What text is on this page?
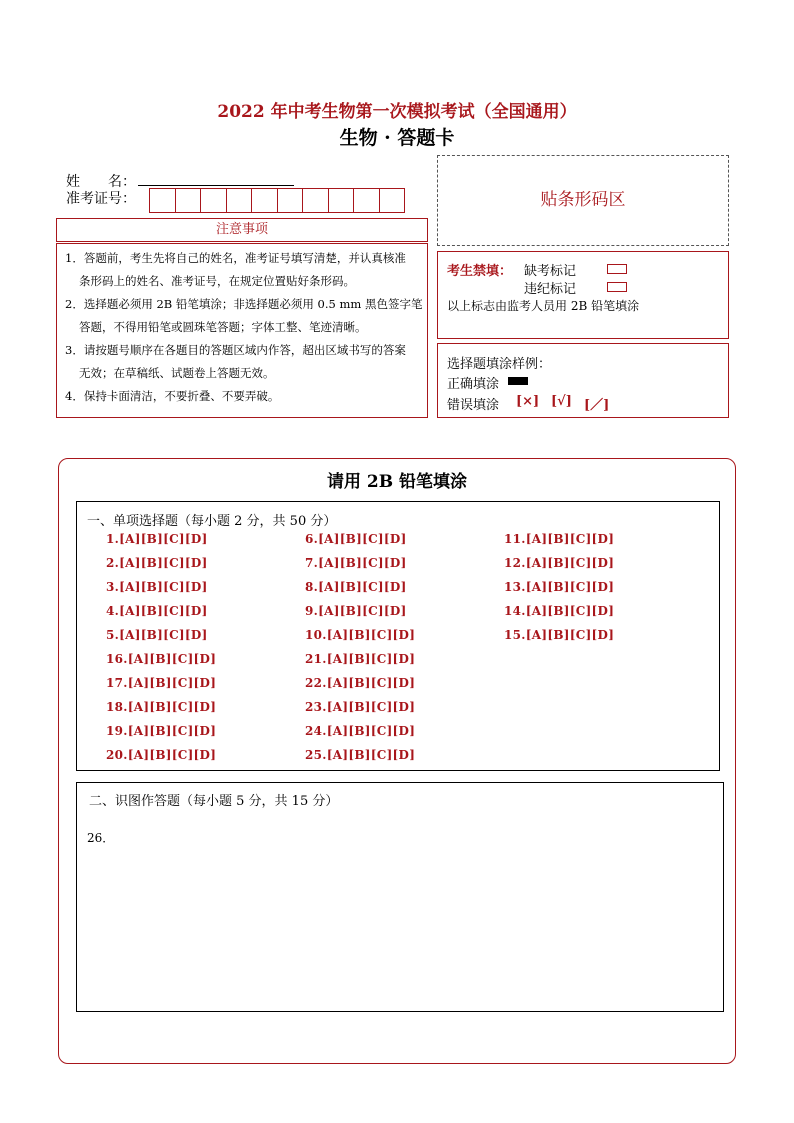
2022 年中考生物第一次模拟考试（全国通用）
生物 · 答题卡
姓　　名：
准考证号：
注意事项
1．答题前，考生先将自己的姓名，准考证号填写清楚，并认真核准
条形码上的姓名、准考证号，在规定位置贴好条形码。
2．选择题必须用 2B 铅笔填涂；非选择题必须用 0.5 mm 黑色签字笔
答题，不得用铅笔或圆珠笔答题；字体工整、笔迹清晰。
3．请按题号顺序在各题目的答题区域内作答，超出区域书写的答案
无效；在草稿纸、试题卷上答题无效。
4．保持卡面清洁，不要折叠、不要弄破。
贴条形码区
考生禁填： 缺考标记
违纪标记
以上标志由监考人员用 2B 铅笔填涂
选择题填涂样例：
正确填涂
错误填涂 [×] [√] [／]
请用 2B 铅笔填涂
一、单项选择题（每小题 2 分，共 50 分）
1.[A][B][C][D]
2.[A][B][C][D]
3.[A][B][C][D]
4.[A][B][C][D]
5.[A][B][C][D]
6.[A][B][C][D]
7.[A][B][C][D]
8.[A][B][C][D]
9.[A][B][C][D]
10.[A][B][C][D]
11.[A][B][C][D]
12.[A][B][C][D]
13.[A][B][C][D]
14.[A][B][C][D]
15.[A][B][C][D]
16.[A][B][C][D]
17.[A][B][C][D]
18.[A][B][C][D]
19.[A][B][C][D]
20.[A][B][C][D]
21.[A][B][C][D]
22.[A][B][C][D]
23.[A][B][C][D]
24.[A][B][C][D]
25.[A][B][C][D]
二、识图作答题（每小题 5 分，共 15 分）
26．
